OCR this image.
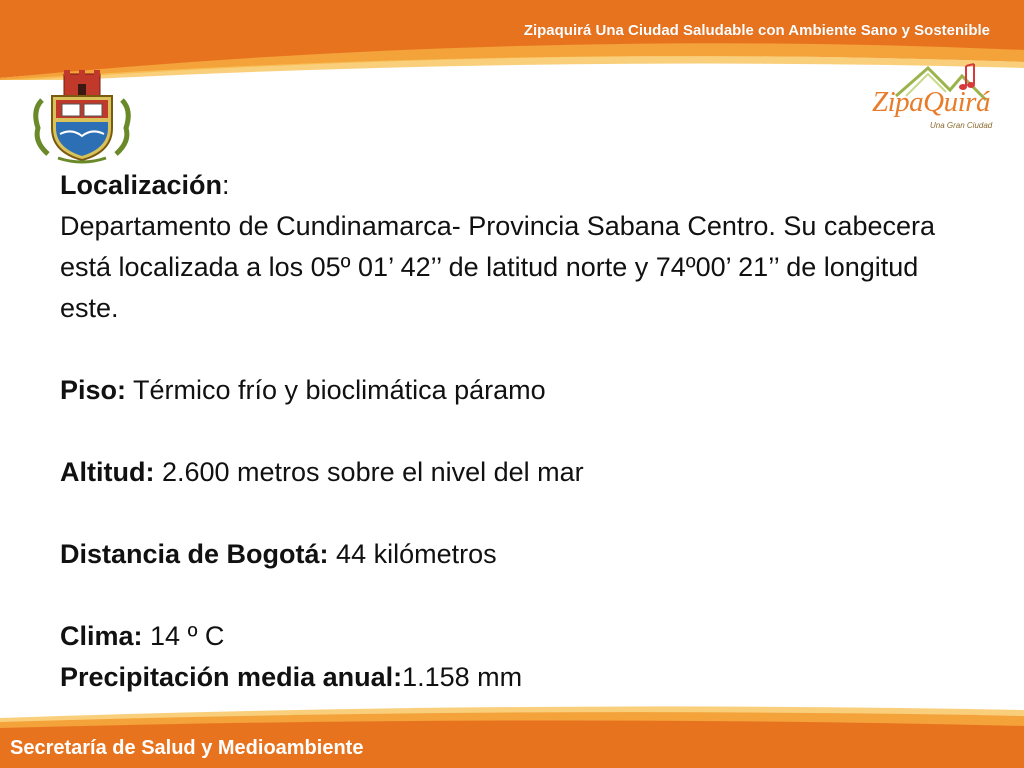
Zipaquirá Una Ciudad Saludable con Ambiente Sano y Sostenible
ZipaQuirá
Una Gran Ciudad

Localización:
Departamento de Cundinamarca- Provincia Sabana Centro. Su cabecera está localizada a los 05º 01’ 42’’ de latitud norte y 74º00’ 21’’ de longitud este.

Piso: Térmico frío y bioclimática páramo

Altitud: 2.600 metros sobre el nivel del mar

Distancia de Bogotá: 44 kilómetros

Clima: 14 º C

Precipitación media anual:1.158 mm

Secretaría de Salud y Medioambiente
